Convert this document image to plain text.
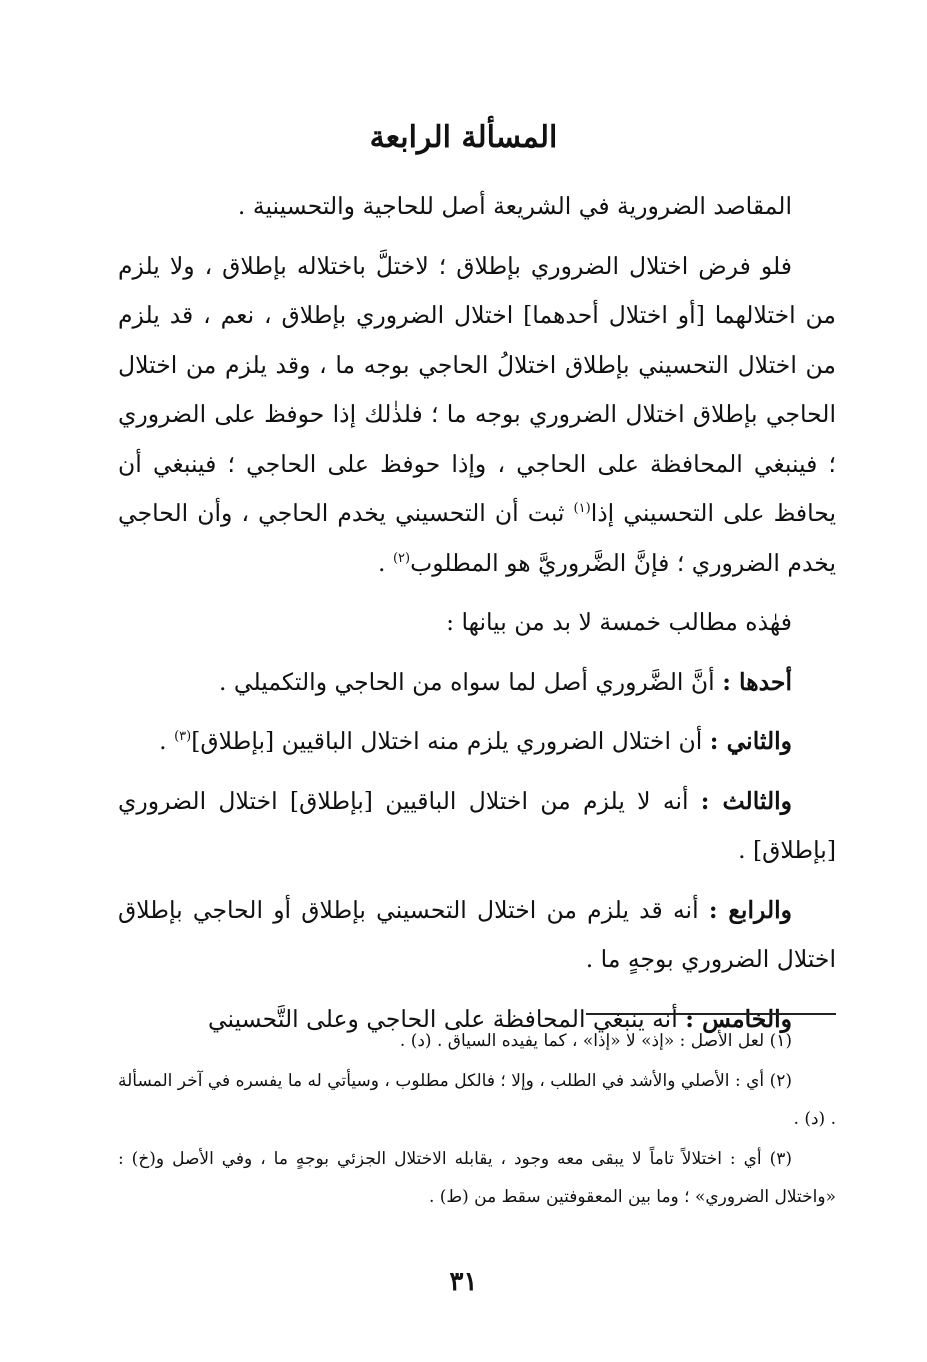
المسألة الرابعة

المقاصد الضرورية في الشريعة أصل للحاجية والتحسينية .

فلو فرض اختلال الضروري بإطلاق ؛ لاختلَّ باختلاله بإطلاق ، ولا يلزم من اختلالهما [أو اختلال أحدهما] اختلال الضروري بإطلاق ، نعم ، قد يلزم من اختلال التحسيني بإطلاق اختلالُ الحاجي بوجه ما ، وقد يلزم من اختلال الحاجي بإطلاق اختلال الضروري بوجه ما ؛ فلذٰلك إذا حوفظ على الضروري ؛ فينبغي المحافظة على الحاجي ، وإذا حوفظ على الحاجي ؛ فينبغي أن يحافظ على التحسيني إذا$^{(١)}$ ثبت أن التحسيني يخدم الحاجي ، وأن الحاجي يخدم الضروري ؛ فإنَّ الضَّروريَّ هو المطلوب$^{(٢)}$ .

فهٰذه مطالب خمسة لا بد من بيانها :

أحدها : أنَّ الضَّروري أصل لما سواه من الحاجي والتكميلي .

والثاني : أن اختلال الضروري يلزم منه اختلال الباقيين [بإطلاق]$^{(٣)}$ .

والثالث : أنه لا يلزم من اختلال الباقيين [بإطلاق] اختلال الضروري [بإطلاق] .

والرابع : أنه قد يلزم من اختلال التحسيني بإطلاق أو الحاجي بإطلاق اختلال الضروري بوجهٍ ما .

والخامس : أنه ينبغي المحافظة على الحاجي وعلى التَّحسيني

(١) لعل الأصل : «إذ» لا «إذا» ، كما يفيده السياق . (د) .

(٢) أي : الأصلي والأشد في الطلب ، وإلا ؛ فالكل مطلوب ، وسيأتي له ما يفسره في آخر المسألة . (د) .

(٣) أي : اختلالاً تاماً لا يبقى معه وجود ، يقابله الاختلال الجزئي بوجهٍ ما ، وفي الأصل و(خ) : «واختلال الضروري» ؛ وما بين المعقوفتين سقط من (ط) .

٣١
